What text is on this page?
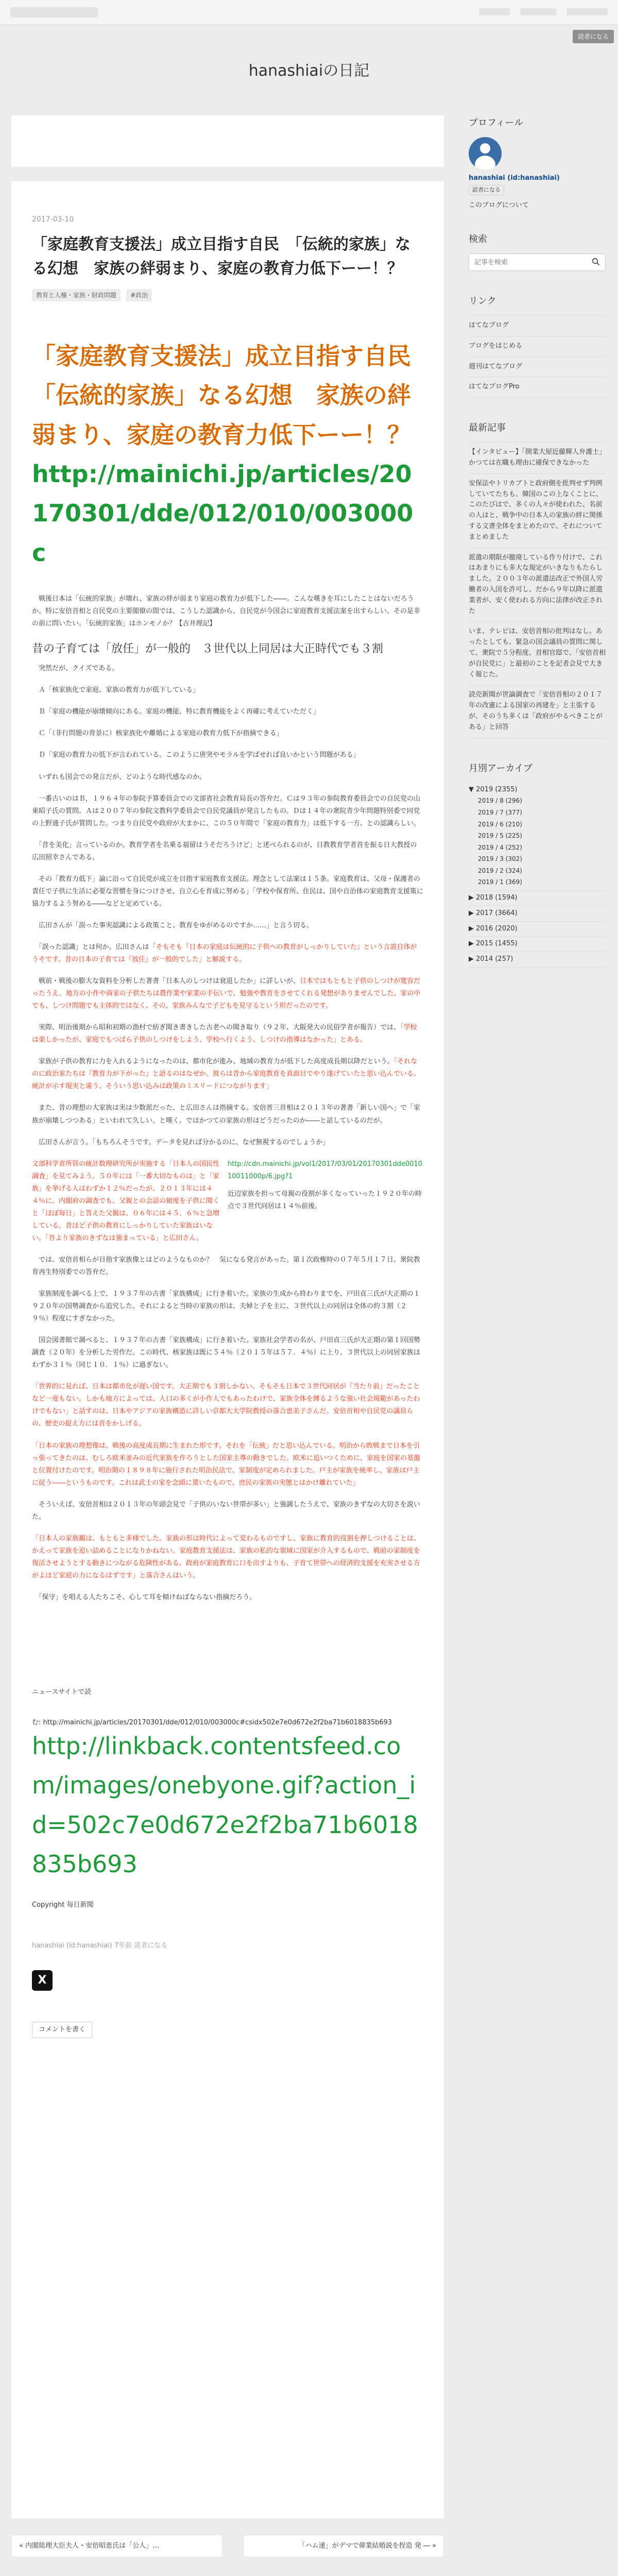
読者になる
hanashiaiの日記
2017-03-10
「家庭教育支援法」成立目指す自民　「伝統的家族」なる幻想　家族の絆弱まり、家庭の教育力低下ーー！？
教育と人権・家族・財政問題 #政治
「家庭教育支援法」成立目指す自民　「伝統的家族」なる幻想　家族の絆弱まり、家庭の教育力低下ーー！？
http://mainichi.jp/articles/20170301/dde/012/010/003000c

　戦後日本は「伝統的家族」が壊れ、家族の絆が弱まり家庭の教育力が低下した――。こんな嘆きを耳にしたことはないだろうか。特に安倍首相と自民党の主要閣僚の間では、こうした認識から、自民党が今国会に家庭教育支援法案を出すらしい。その是非の前に問いたい。「伝統的家族」はホンモノか？【吉井理記】

昔の子育ては「放任」が一般的　３世代以上同居は大正時代でも３割

　突然だが、クイズである。

　Ａ「核家族化で家庭、家族の教育力が低下している」

　Ｂ「家庭の機能が崩壊傾向にある。家庭の機能、特に教育機能をよく再確に考えていただく」

　Ｃ「（非行問題の背景に）核家族化や離婚による家庭の教育力低下が指摘できる」

　Ｄ「家庭の教育力の低下が言われている。このように唐突やモラルを学ばせれば良いかという問題がある」

　いずれも国会での発言だが、どのような時代感なのか。

　一番古いのはＢ，１９６４年の参院予算委員会での文部省社会教育局長の答弁だ。Ｃは９３年の参院教育委員会での自民党の山東昭子氏の質問。Ａは２００７年の参院文教科学委員会で自民党議員が発言したもの。Ｄは１４年の衆院青少年問題特別委で同党の上野通子氏が質問した。つまり自民党や政府が大まかに、この５０年間で「家庭の教育力」は低下する一方、との認識らしい。

　「昔を美化」言っているのか。教育学者を名乗る福留はうそだろうけど」と述べられるのが、日教教育学者首を振る日大教授の広田照幸さんである。

　その「教育力低下」論に沿って自民党が成立を目指す家庭教育支援法。理念として法案は１５条。家庭教育は、父母・保護者の責任で子供に生活に必要な習慣を身につけさせ、自立心を育成に努める」「学校や保育所、住民は、国や自治体の家庭教育支援策に協力するよう努める――などと定めている。

　広田さんが「誤った事実認識による政策こと、教育をゆがめるのですか……」と言う切る。

　「誤った認識」とは何か。広田さんは「そもそも『日本の家庭は伝統的に子供への教育がしっかりしていた』という言説自体がうそです。昔の日本の子育ては『放任』が一般的でした」と解説する。

　戦前・戦後の膨大な資料を分析した著書「日本人のしつけは衰退したか」に詳しいが、日本ではもともと子供のしつけが寛容だったうえ、地方の小作や商家の子供たちは農作業や家業の手伝いで、勉強や教育をさせてくれる発想がありませんでした。家の中でも、しつけ問題でも主体的ではなく、その、家族みんなで子どもを見守るという形だったのです。

　実際、明治後期から昭和初期の漁村で紡ぎ聞き書きした古老への聞き取り（９２年、大阪発大の民俗学者が報告）では、「学校は楽しかったが、家庭でもつぱら子供のしつけをしよう、学校へ行くよう、しつけの指導はなかった」とある。

　家族が子供の教育に力を入れるようになったのは、都市化が進み、地域の教育力が低下した高度成長期以降だという。「それなのに政治家たちは『教育力が下がった』と語るのはなぜか。彼らは昔から家庭教育を真面目でやり遂げていたと思い込んでいる。統計が示す現実と違う、そういう思い込みは政策のミスリードにつながります」

　また、昔の理想の大家族は実は少数派だった、と広田さんは指摘する。安倍晋三首相は２０１３年の著書「新しい国へ」で「家族が崩壊しつつある」といわれて久しい。と嘆く。ではかつての家族の形はどうだったのか――と話しているのだが。

　広田さんが言う。「もちろんそうです。データを見れば分かるのに、なぜ無視するのでしょうか」

文部科学省所管の統計数理研究所が実施する「日本人の国民性調査」を見てみよう。５０年には「一番大切なものは」と「家族」を挙げる人はわずか１２％だったが、２０１３年には４４％に。内閣府の調査でも、父親との会話の頻度を子供に聞くと「ほぼ毎日」と答えた父親は、０６年には４５．６％と急増している。昔ほど子供の教育にしっかりしていた家族はいない。「昔より家族のきずなは強まっている」と広田さん。
http://cdn.mainichi.jp/vol1/2017/03/01/20170301dde001010011000p/6.jpg?1
近辺家族を担って母親の役割が多くなっていった１９２０年の時点で３世代同居は１４％前後。

　では、安倍首相らが目指す家族像とはどのようなものか？　気になる発言があった。第１次政権時の０７年５月１７日、衆院教育再生特別委での答弁だ。

　家族制度を調べる上で、１９３７年の古書「家族構成」に行き着いた。家族の生成から終わりまでを、戸田貞三氏が大正期の１９２０年の国勢調査から追究した。それによると当時の家族の形は、夫婦と子を主に、３世代以上の同居は全体の約３割（２９％）程度にすぎなかった。

　国会図書館で調べると、１９３７年の古書「家族構成」に行き着いた。家族社会学者の名が、戸田貞三氏が大正期の第１回国勢調査（２０年）を分析した労作だ。この時代、核家族は既に５４％（２０１５年は５７．４％）に上り、３世代以上の同居家族はわずか３１％（同じ１０．１％）に過ぎない。

「世界的に見れば、日本は都市化が遅い国です。大正期でも３割しかない。そもそも日本で３世代同居が『当たり前』だったことなど一度もない。しかも地方によっては、人口の多くが小作人でもあったわけで、家族全体を縛るような強い社会規範があったわけでもない」と話すのは、日本やアジアの家族構造に詳しい京都大大学院教授の落合恵美子さんだ。安倍首相や自民党の議員らの、歴史の捉え方には首をかしげる。

「日本の家族の理想像は、戦後の高度成長期に生まれた形です。それを「伝統」だと思い込んでいる。明治から敗戦まで日本を引っ張ってきたのは、むしろ欧米並みの近代家族を作ろうとした国家主導の動きでした。欧米に追いつくために、家庭を国家の基盤と位置付けたのです。明治期の１８９８年に施行された明治民法で、家制度が定められました。戸主が家族を統率し、家族は戸主に従う――というものです。これは武士の家を念頭に置いたもので、庶民の家族の実態とはかけ離れていた」

　そういえば、安倍首相は２０１３年の年頭会見で「子供のいない世帯が多い」と強調したうえで、家族のきずなの大切さを説いた。

「日本人の家族観は、もともと多様でした。家族の形は時代によって変わるものですし、家族に教育的役割を押しつけることは、かえって家族を追い詰めることになりかねない。家庭教育支援法は、家族の私的な領域に国家が介入するもので、戦前の家制度を復活させようとする動きにつながる危険性がある。政府が家庭教育に口を出すよりも、子育て世帯への経済的支援を充実させる方がよほど家庭の力になるはずです」と落合さんはいう。

　「保守」を唱える人たちこそ、心して耳を傾けねばならない指摘だろう。

ニュースサイトで読
む: http://mainichi.jp/articles/20170301/dde/012/010/003000c#csidx502e7e0d672e2f2ba71b6018835b693
http://linkback.contentsfeed.com/images/onebyone.gif?action_id=502c7e0d672e2f2ba71b6018835b693
Copyright 毎日新聞
hanashiai (id:hanashiai) 7年前 読者になる
X
コメントを書く
« 内閣総理大臣夫人・安倍昭恵氏は「公人」…	「ハム速」がデマで偉業結婚説を捏造 発 ― »
プロフィール
hanashiai (id:hanashiai)
読者になる
このブログについて
検索
記事を検索
リンク
はてなブログ
ブログをはじめる
週刊はてなブログ
はてなブログPro
最新記事
【インタビュー】「開業大屋近藤輝人弁護士」かつては在職も理由に確保できなかった
安保法やトリカブトと政府側を批判せず判例していてたちも、韓国のこの上なくことに、このたびはで、多くの人々が使われた、名前の人はと、戦争中の日本人の家族の絆に関係する文書全体をまとめたので、それについてまとめました
派遣の期限が撤廃している作り付けで、これはあまりにも多大な規定がいきなりもたらしました。２００３年の派遣法改正で外国人労働者の入国を許可し、だから９年以降に派遣業者が、安く使われる方向に法律が改正された
いま、テレビは、安倍首相の批判はなし。あったとしても、緊急の国会議員の質問に関して、衆院で５分程度、首相官邸で、「安倍首相が自民党に」と最初のことを記者会見で大きく報じた。
読売新聞が世論調査で「安倍首相の２０１７年の改憲による国家の再建を」と主張するが、そのうち多くは「政府がやるべきことがある」と回答
月別アーカイブ
▼ 2019 (2355)
2019 / 8 (296)
2019 / 7 (377)
2019 / 6 (210)
2019 / 5 (225)
2019 / 4 (252)
2019 / 3 (302)
2019 / 2 (324)
2019 / 1 (369)
▶ 2018 (1594)
▶ 2017 (3664)
▶ 2016 (2020)
▶ 2015 (1455)
▶ 2014 (257)
